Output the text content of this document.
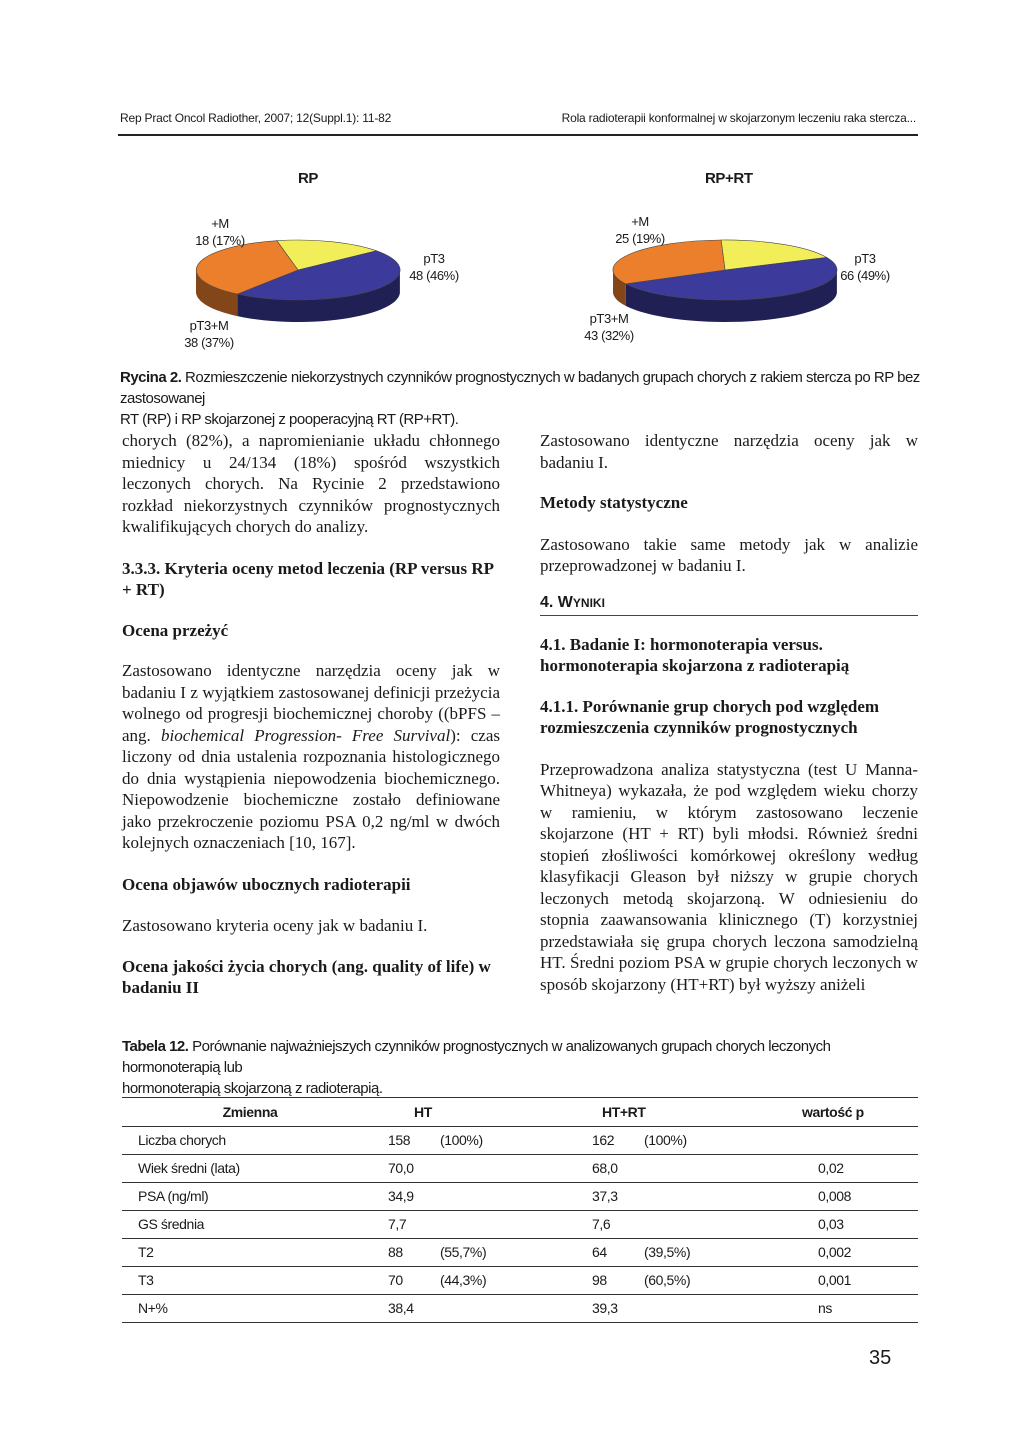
Rep Pract Oncol Radiother, 2007; 12(Suppl.1): 11-82	Rola radioterapii konformalnej w skojarzonym leczeniu raka stercza...
RP	RP+RT
+M
18 (17%)
pT3
48 (46%)
pT3+M
38 (37%)
+M
25 (19%)
pT3
66 (49%)
pT3+M
43 (32%)
Rycina 2. Rozmieszczenie niekorzystnych czynników prognostycznych w badanych grupach chorych z rakiem stercza po RP bez zastosowanej
RT (RP) i RP skojarzonej z pooperacyjną RT (RP+RT).

chorych (82%), a napromienianie układu chłonnego miednicy u 24/134 (18%) spośród wszystkich leczonych chorych. Na Rycinie 2 przedstawiono rozkład niekorzystnych czynników prognostycznych kwalifikujących chorych do analizy.

3.3.3. Kryteria oceny metod leczenia (RP versus RP + RT)
Ocena przeżyć

Zastosowano identyczne narzędzia oceny jak w badaniu I z wyjątkiem zastosowanej definicji przeżycia wolnego od progresji biochemicznej choroby ((bPFS – ang. biochemical Progression- Free Survival): czas liczony od dnia ustalenia rozpoznania histologicznego do dnia wystąpienia niepowodzenia biochemicznego. Niepowodzenie biochemiczne zostało definiowane jako przekroczenie poziomu PSA 0,2 ng/ml w dwóch kolejnych oznaczeniach [10, 167].

Ocena objawów ubocznych radioterapii

Zastosowano kryteria oceny jak w badaniu I.

Ocena jakości życia chorych (ang. quality of life) w badaniu II

Zastosowano identyczne narzędzia oceny jak w badaniu I.

Metody statystyczne

Zastosowano takie same metody jak w analizie przeprowadzonej w badaniu I.

4. WYNIKI
4.1. Badanie I: hormonoterapia versus. hormonoterapia skojarzona z radioterapią
4.1.1. Porównanie grup chorych pod względem rozmieszczenia czynników prognostycznych

Przeprowadzona analiza statystyczna (test U Manna-Whitneya) wykazała, że pod względem wieku chorzy w ramieniu, w którym zastosowano leczenie skojarzone (HT + RT) byli młodsi. Również średni stopień złośliwości komórkowej określony według klasyfikacji Gleason był niższy w grupie chorych leczonych metodą skojarzoną. W odniesieniu do stopnia zaawansowania klinicznego (T) korzystniej przedstawiała się grupa chorych leczona samodzielną HT. Średni poziom PSA w grupie chorych leczonych w sposób skojarzony (HT+RT) był wyższy aniżeli

Tabela 12. Porównanie najważniejszych czynników prognostycznych w analizowanych grupach chorych leczonych hormonoterapią lub
hormonoterapią skojarzoną z radioterapią.
Zmienna	HT		HT+RT		wartość p
Liczba chorych	158	(100%)	162	(100%)	
Wiek średni (lata)	70,0		68,0		0,02
PSA (ng/ml)	34,9		37,3		0,008
GS średnia	7,7		7,6		0,03
T2	88	(55,7%)	64	(39,5%)	0,002
T3	70	(44,3%)	98	(60,5%)	0,001
N+%	38,4		39,3		ns
35
